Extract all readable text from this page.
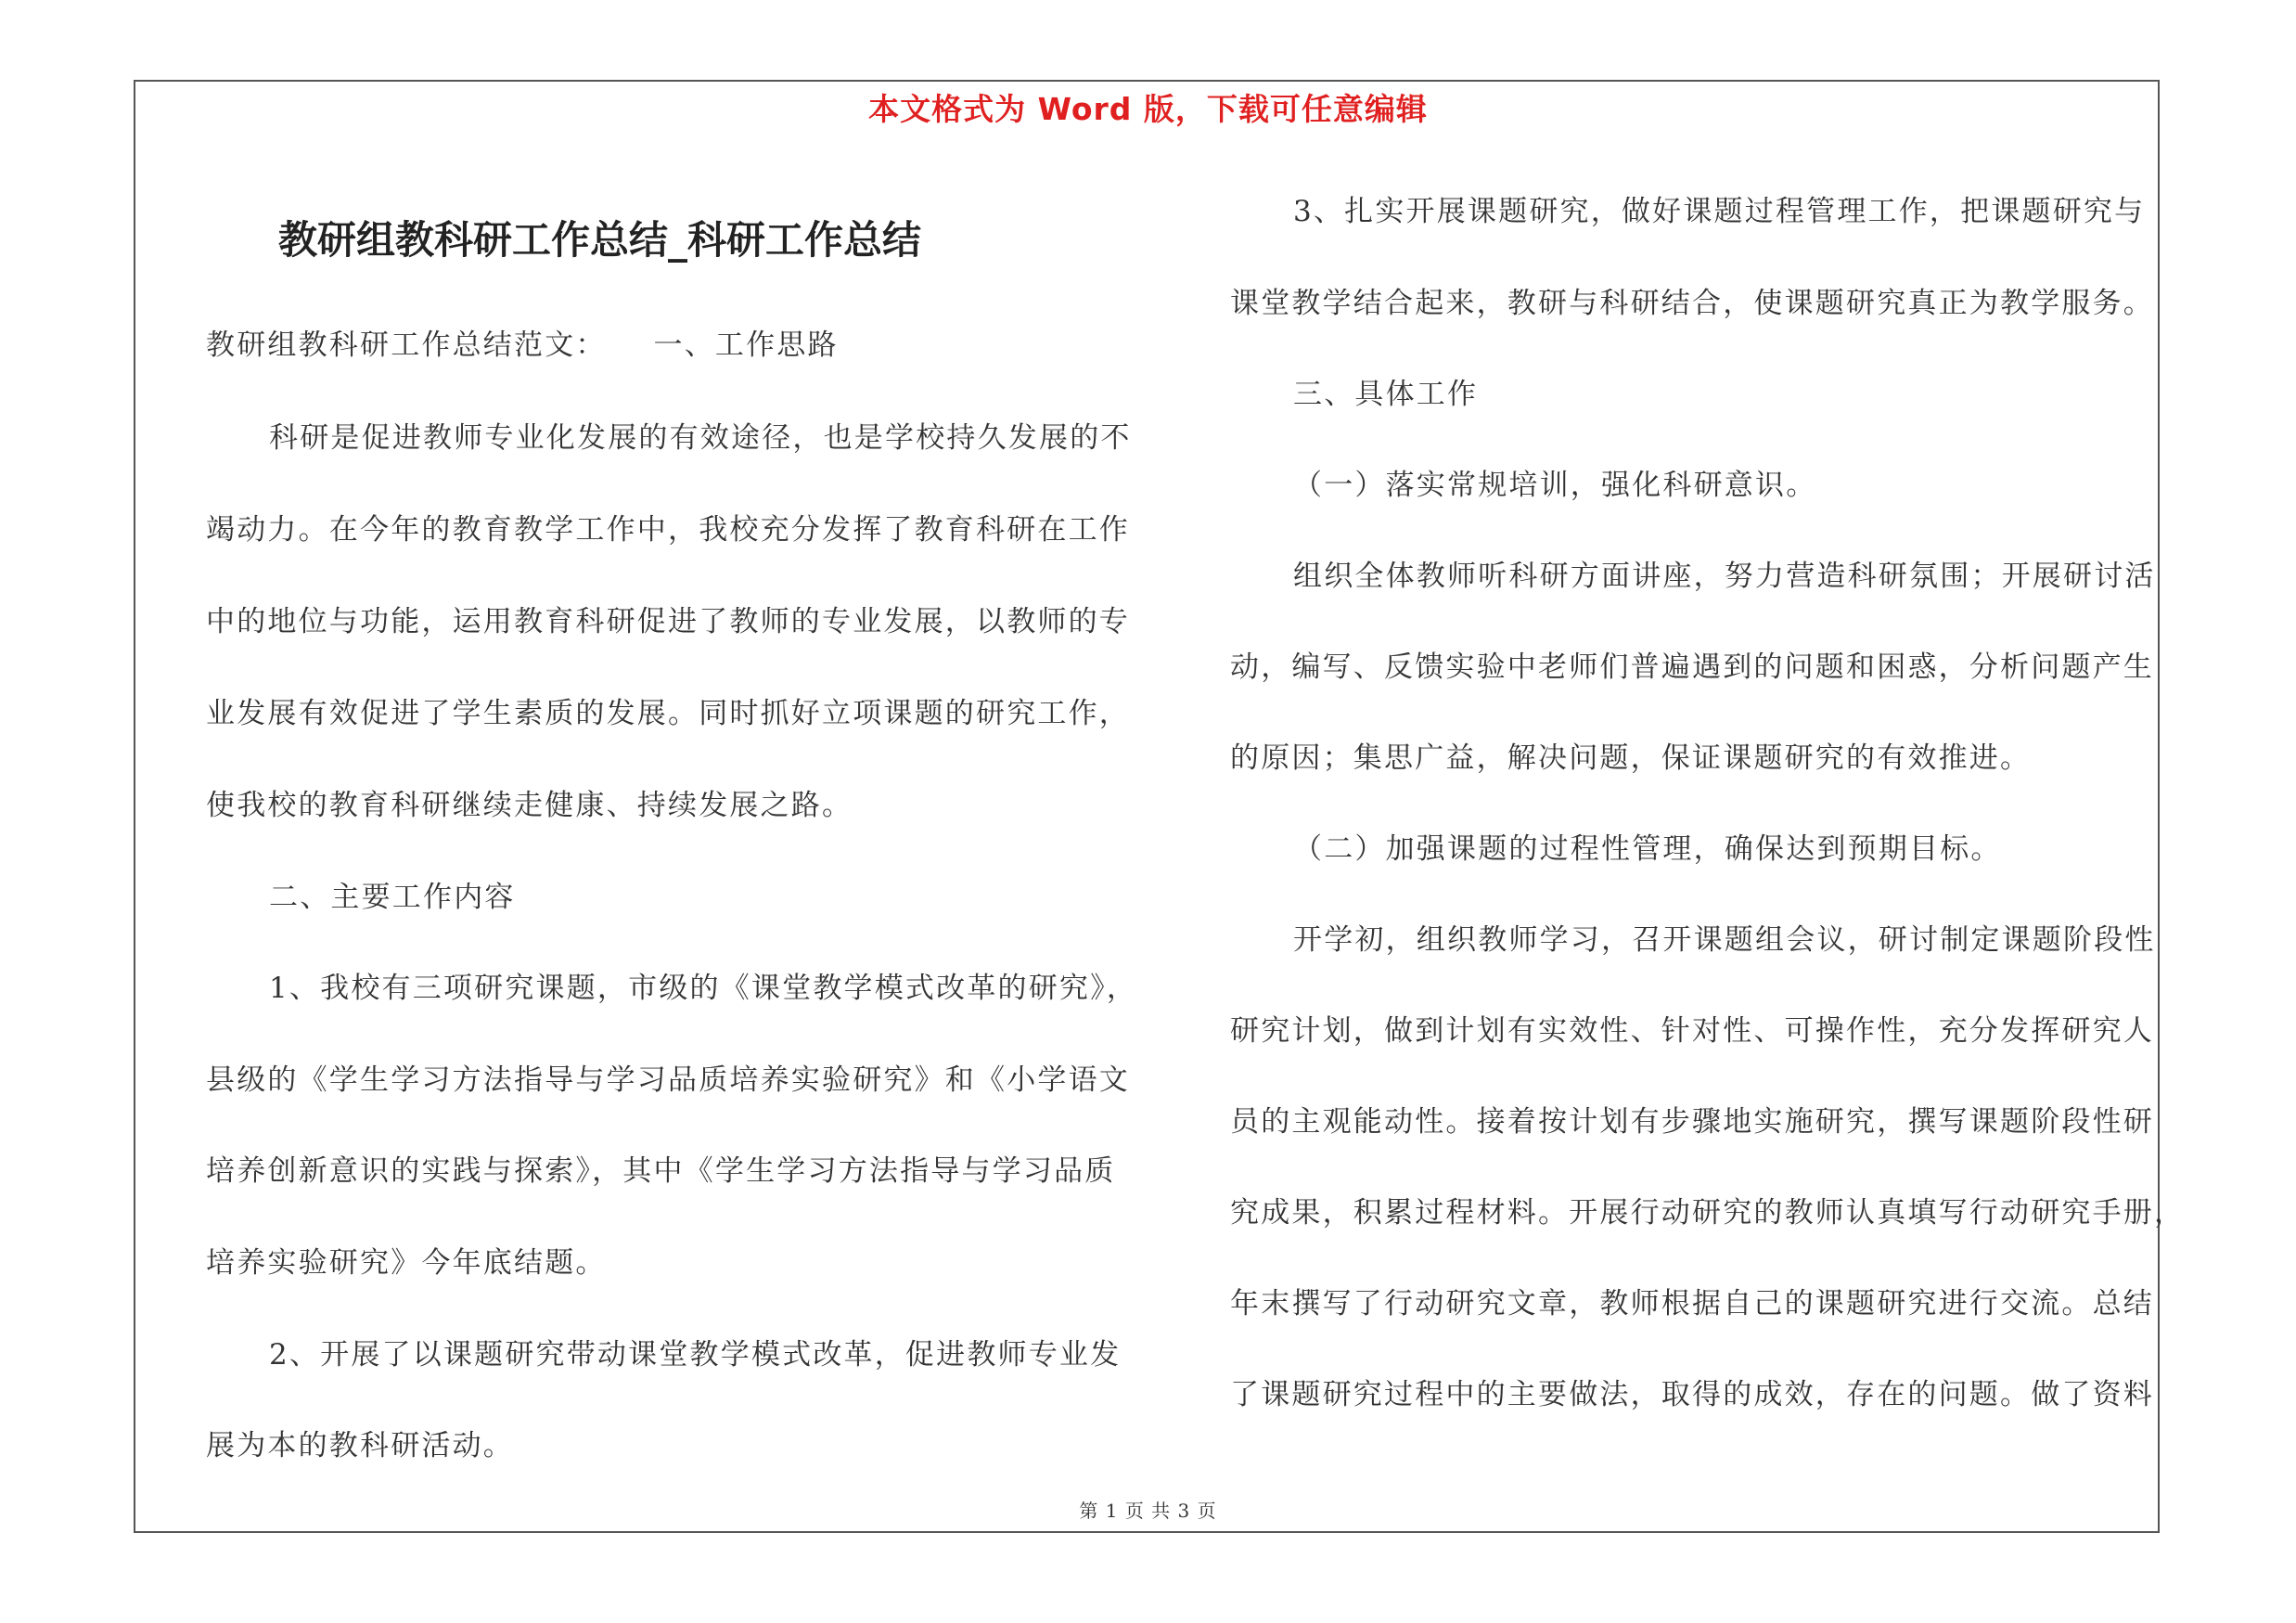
本文格式为 Word 版，下载可任意编辑
教研组教科研工作总结_科研工作总结
教研组教科研工作总结范文：　　一、工作思路
科研是促进教师专业化发展的有效途径，也是学校持久发展的不
竭动力。在今年的教育教学工作中，我校充分发挥了教育科研在工作
中的地位与功能，运用教育科研促进了教师的专业发展，以教师的专
业发展有效促进了学生素质的发展。同时抓好立项课题的研究工作，
使我校的教育科研继续走健康、持续发展之路。
二、主要工作内容
1、我校有三项研究课题，市级的《课堂教学模式改革的研究》，
县级的《学生学习方法指导与学习品质培养实验研究》和《小学语文
培养创新意识的实践与探索》，其中《学生学习方法指导与学习品质
培养实验研究》今年底结题。
2、开展了以课题研究带动课堂教学模式改革，促进教师专业发
展为本的教科研活动。
3、扎实开展课题研究，做好课题过程管理工作，把课题研究与
课堂教学结合起来，教研与科研结合，使课题研究真正为教学服务。
三、具体工作
（一）落实常规培训，强化科研意识。
组织全体教师听科研方面讲座，努力营造科研氛围；开展研讨活
动，编写、反馈实验中老师们普遍遇到的问题和困惑，分析问题产生
的原因；集思广益，解决问题，保证课题研究的有效推进。
（二）加强课题的过程性管理，确保达到预期目标。
开学初，组织教师学习，召开课题组会议，研讨制定课题阶段性
研究计划，做到计划有实效性、针对性、可操作性，充分发挥研究人
员的主观能动性。接着按计划有步骤地实施研究，撰写课题阶段性研
究成果，积累过程材料。开展行动研究的教师认真填写行动研究手册，
年末撰写了行动研究文章，教师根据自己的课题研究进行交流。总结
了课题研究过程中的主要做法，取得的成效，存在的问题。做了资料
第 1 页 共 3 页
